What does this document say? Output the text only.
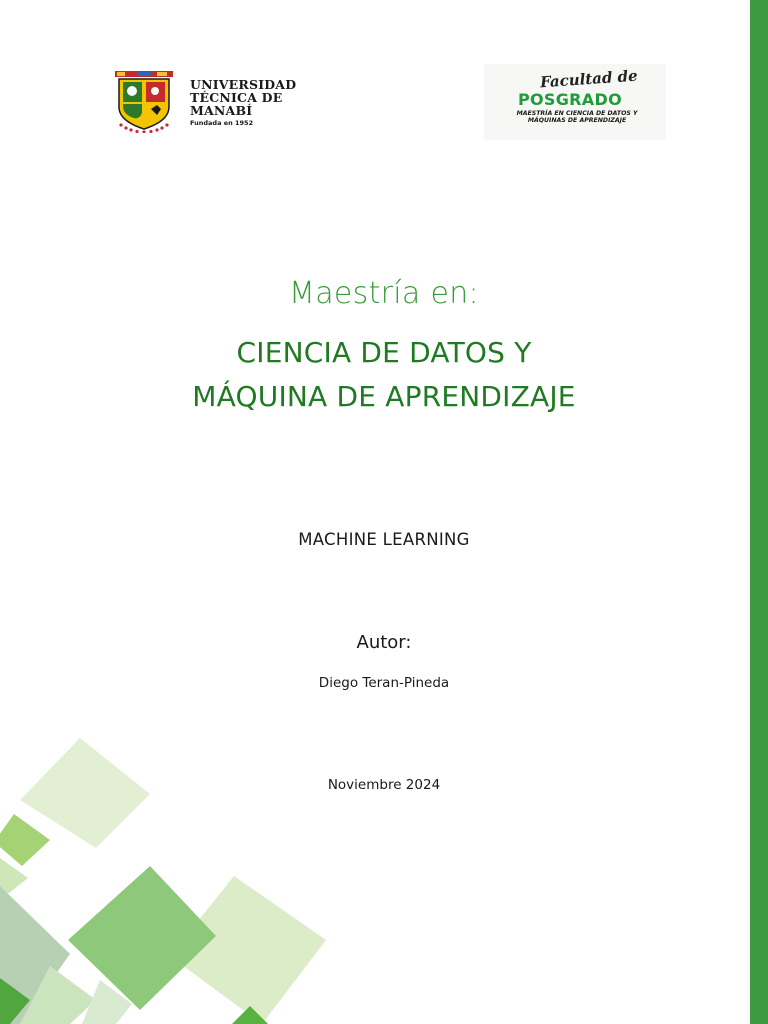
UNIVERSIDAD
TÉCNICA DE
MANABÍ
Fundada en 1952
Facultad de
POSGRADO
MAESTRÍA EN CIENCIA DE DATOS Y
MÁQUINAS DE APRENDIZAJE
Maestría en:
CIENCIA DE DATOS Y
MÁQUINA DE APRENDIZAJE
MACHINE LEARNING
Autor:
Diego Teran-Pineda
Noviembre 2024
